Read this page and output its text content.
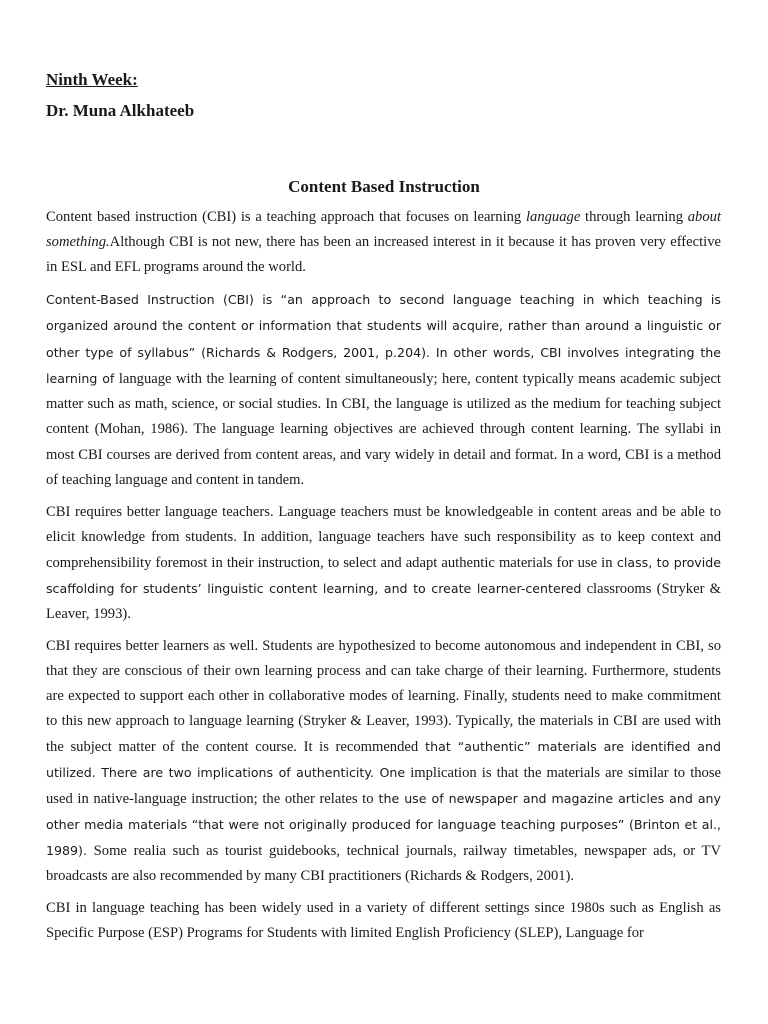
Ninth Week:
Dr. Muna Alkhateeb
Content Based Instruction

Content based instruction (CBI) is a teaching approach that focuses on learning language through learning about something.Although CBI is not new, there has been an increased interest in it because it has proven very effective in ESL and EFL programs around the world.

Content-Based Instruction (CBI) is “an approach to second language teaching in which teaching is organized around the content or information that students will acquire, rather than around a linguistic or other type of syllabus” (Richards & Rodgers, 2001, p.204). In other words, CBI involves integrating the learning of language with the learning of content simultaneously; here, content typically means academic subject matter such as math, science, or social studies. In CBI, the language is utilized as the medium for teaching subject content (Mohan, 1986). The language learning objectives are achieved through content learning. The syllabi in most CBI courses are derived from content areas, and vary widely in detail and format. In a word, CBI is a method of teaching language and content in tandem.

CBI requires better language teachers. Language teachers must be knowledgeable in content areas and be able to elicit knowledge from students. In addition, language teachers have such responsibility as to keep context and comprehensibility foremost in their instruction, to select and adapt authentic materials for use in class, to provide scaffolding for students’ linguistic content learning, and to create learner-centered classrooms (Stryker & Leaver, 1993).

CBI requires better learners as well. Students are hypothesized to become autonomous and independent in CBI, so that they are conscious of their own learning process and can take charge of their learning. Furthermore, students are expected to support each other in collaborative modes of learning. Finally, students need to make commitment to this new approach to language learning (Stryker & Leaver, 1993). Typically, the materials in CBI are used with the subject matter of the content course. It is recommended that “authentic” materials are identified and utilized. There are two implications of authenticity. One implication is that the materials are similar to those used in native-language instruction; the other relates to the use of newspaper and magazine articles and any other media materials “that were not originally produced for language teaching purposes” (Brinton et al., 1989). Some realia such as tourist guidebooks, technical journals, railway timetables, newspaper ads, or TV broadcasts are also recommended by many CBI practitioners (Richards & Rodgers, 2001).

CBI in language teaching has been widely used in a variety of different settings since 1980s such as English as Specific Purpose (ESP) Programs for Students with limited English Proficiency (SLEP), Language for
